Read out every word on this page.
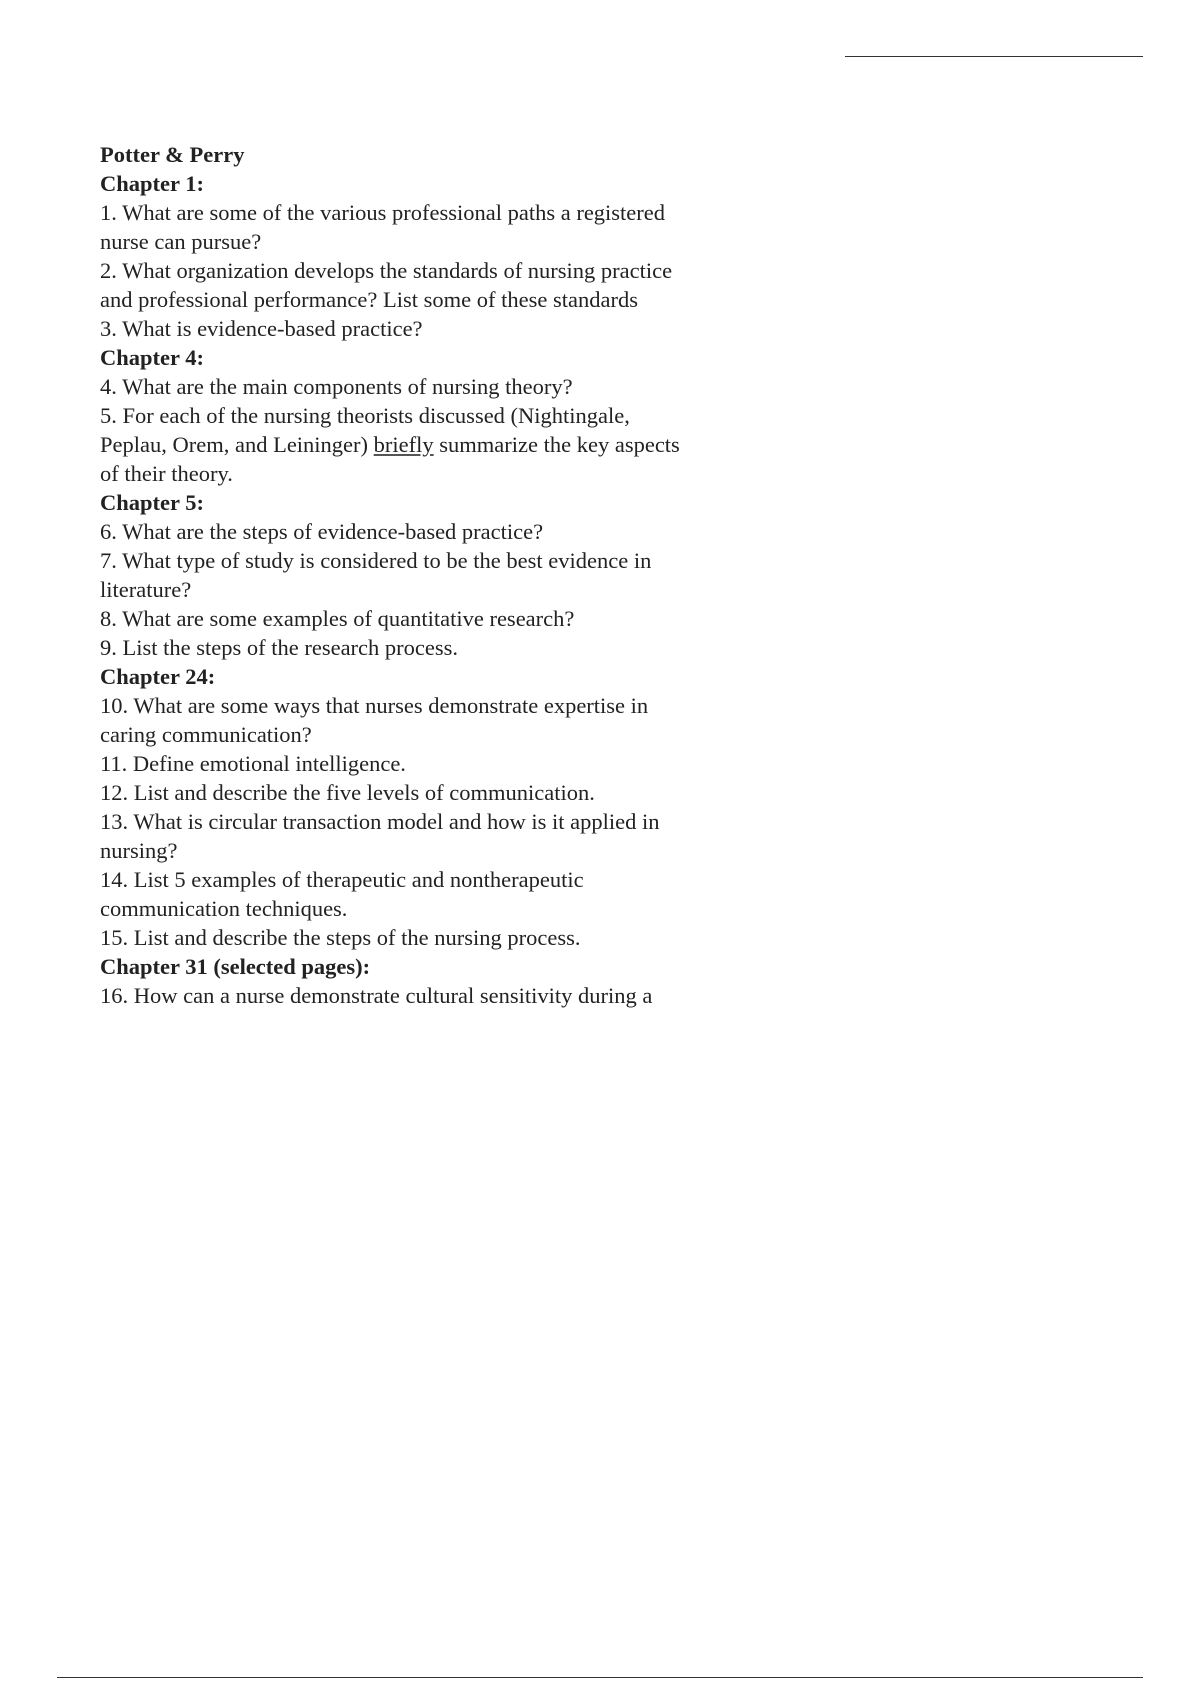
Potter & Perry

Chapter 1:

1. What are some of the various professional paths a registered

nurse can pursue?

2. What organization develops the standards of nursing practice

and professional performance? List some of these standards

3. What is evidence-based practice?

Chapter 4:

4. What are the main components of nursing theory?

5. For each of the nursing theorists discussed (Nightingale,

Peplau, Orem, and Leininger) briefly summarize the key aspects

of their theory.

Chapter 5:

6. What are the steps of evidence-based practice?

7. What type of study is considered to be the best evidence in

literature?

8. What are some examples of quantitative research?

9. List the steps of the research process.

Chapter 24:

10. What are some ways that nurses demonstrate expertise in

caring communication?

11. Define emotional intelligence.

12. List and describe the five levels of communication.

13. What is circular transaction model and how is it applied in

nursing?

14. List 5 examples of therapeutic and nontherapeutic

communication techniques.

15. List and describe the steps of the nursing process.

Chapter 31 (selected pages):

16. How can a nurse demonstrate cultural sensitivity during a
